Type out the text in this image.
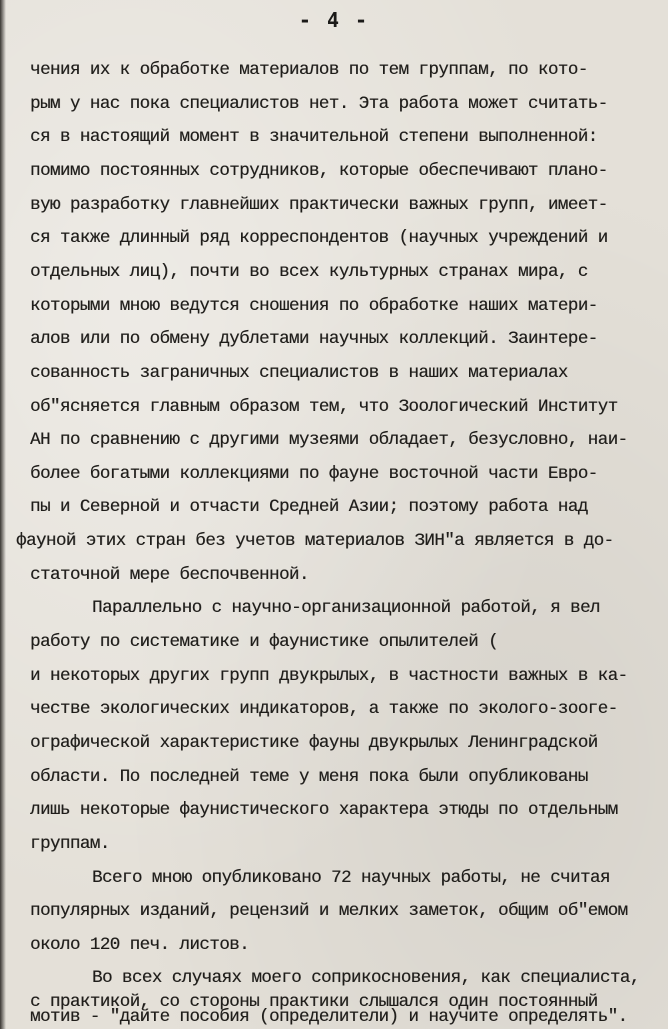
- 4 -
чения их к обработке материалов по тем группам, по кото-
рым у нас пока специалистов нет. Эта работа может считать-
ся в настоящий момент в значительной степени выполненной:
помимо постоянных сотрудников, которые обеспечивают плано-
вую разработку главнейших практически важных групп, имеет-
ся также длинный ряд корреспондентов (научных учреждений и
отдельных лиц), почти во всех культурных странах мира, с
которыми мною ведутся сношения по обработке наших матери-
алов или по обмену дублетами научных коллекций. Заинтере-
сованность заграничных специалистов в наших материалах
об"ясняется главным образом тем, что Зоологический Институт
АН по сравнению с другими музеями обладает, безусловно, наи-
более богатыми коллекциями по фауне восточной части Евро-
пы и Северной и отчасти Средней Азии; поэтому работа над
фауной этих стран без учетов материалов ЗИН"а является в до-
статочной мере беспочвенной.
Параллельно с научно-организационной работой, я вел
работу по систематике и фаунистике опылителей (
и некоторых других групп двукрылых, в частности важных в ка-
честве экологических индикаторов, а также по эколого-зооге-
ографической характеристике фауны двукрылых Ленинградской
области. По последней теме у меня пока были опубликованы
лишь некоторые фаунистического характера этюды по отдельным
группам.
Всего мною опубликовано 72 научных работы, не считая
популярных изданий, рецензий и мелких заметок, общим об"емом
около 120 печ. листов.
Во всех случаях моего соприкосновения, как специалиста,
с практикой, со стороны практики слышался один постоянный
мотив - "дайте пособия (определители) и научите определять".
